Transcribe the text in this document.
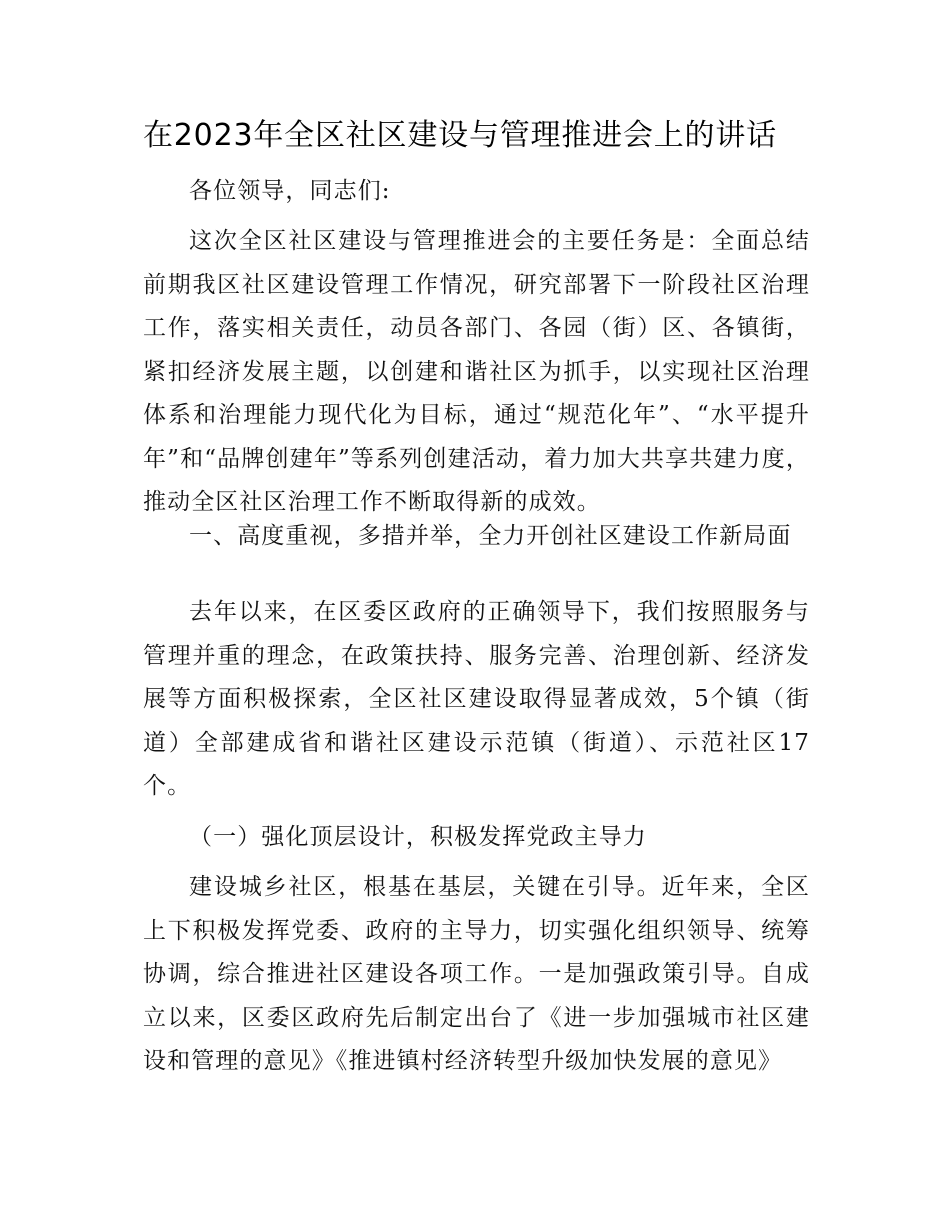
在2023年全区社区建设与管理推进会上的讲话

各位领导，同志们:

这次全区社区建设与管理推进会的主要任务是：全面总结前期我区社区建设管理工作情况，研究部署下一阶段社区治理工作，落实相关责任，动员各部门、各园（街）区、各镇街，紧扣经济发展主题，以创建和谐社区为抓手，以实现社区治理体系和治理能力现代化为目标，通过“规范化年”、“水平提升年”和“品牌创建年”等系列创建活动，着力加大共享共建力度，推动全区社区治理工作不断取得新的成效。

一、高度重视，多措并举，全力开创社区建设工作新局面

去年以来，在区委区政府的正确领导下，我们按照服务与管理并重的理念，在政策扶持、服务完善、治理创新、经济发展等方面积极探索，全区社区建设取得显著成效，5个镇（街道）全部建成省和谐社区建设示范镇（街道）、示范社区17个。

（一）强化顶层设计，积极发挥党政主导力

建设城乡社区，根基在基层，关键在引导。近年来，全区上下积极发挥党委、政府的主导力，切实强化组织领导、统筹协调，综合推进社区建设各项工作。一是加强政策引导。自成立以来，区委区政府先后制定出台了《进一步加强城市社区建设和管理的意见》《推进镇村经济转型升级加快发展的意见》
